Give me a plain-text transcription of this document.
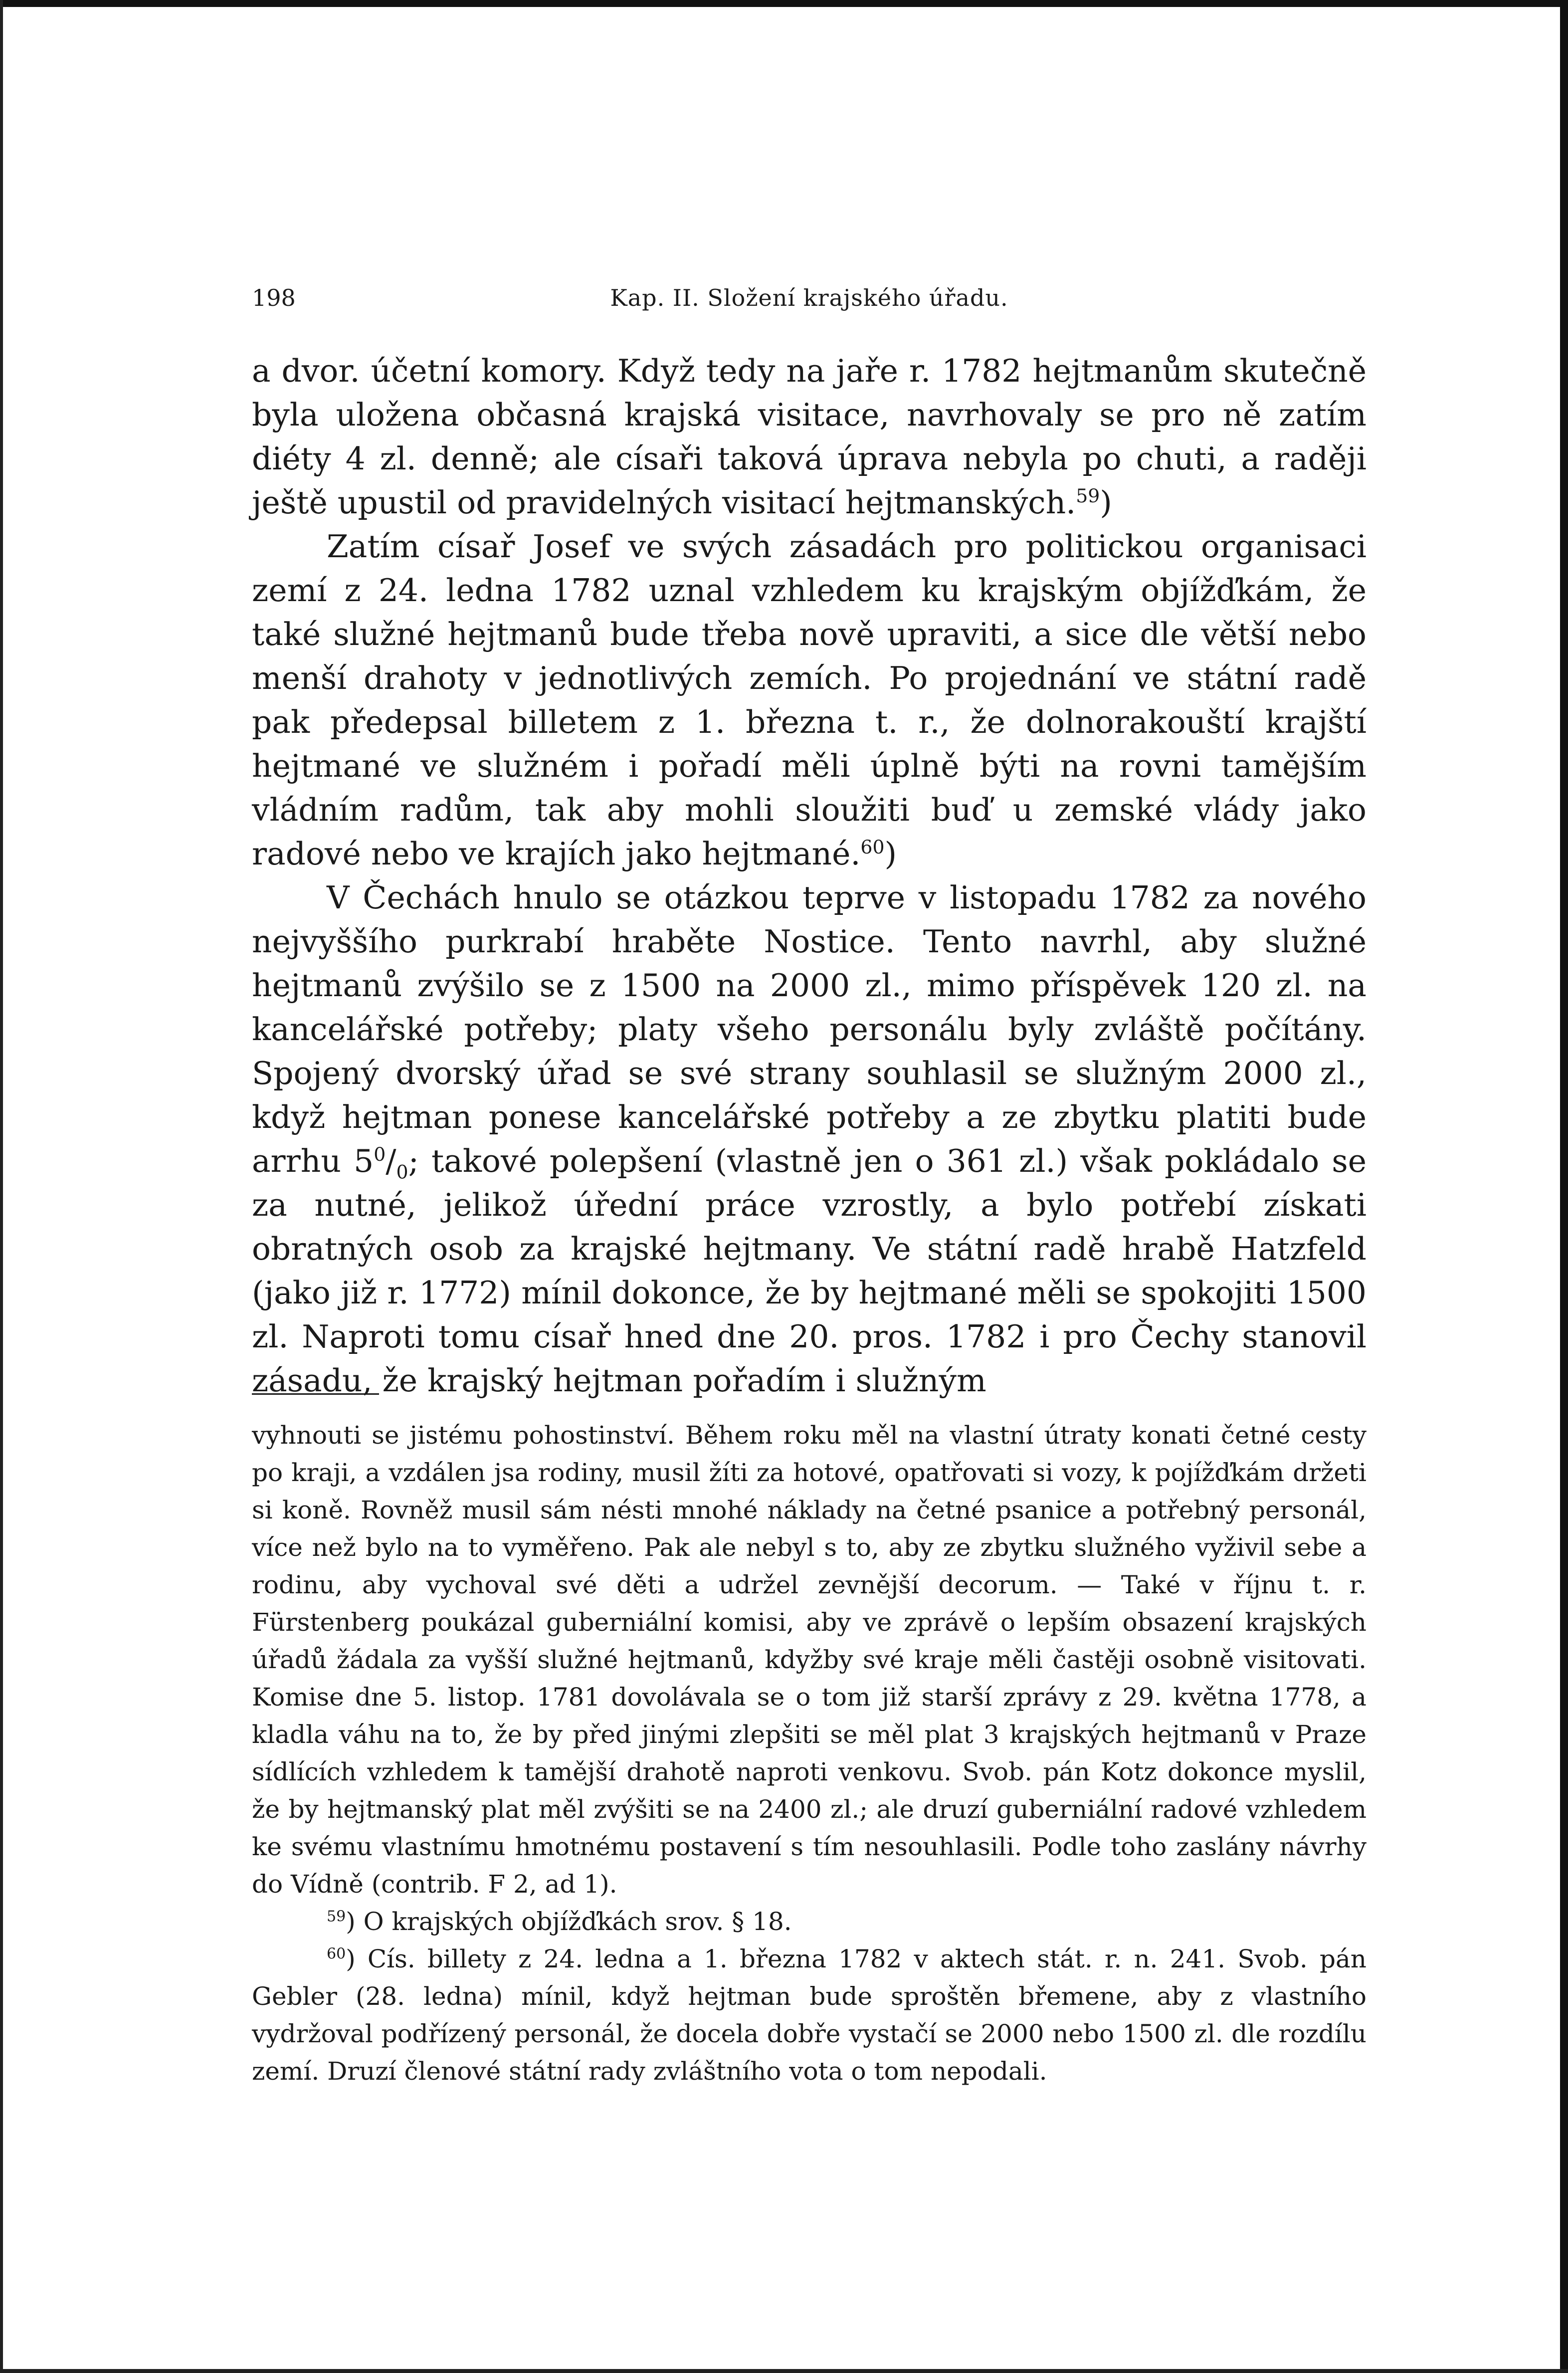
198	Kap. II. Složení krajského úřadu.

a dvor. účetní komory. Když tedy na jaře r. 1782 hejtmanům skutečně byla uložena občasná krajská visitace, navrhovaly se pro ně zatím diéty 4 zl. denně; ale císaři taková úprava nebyla po chuti, a raději ještě upustil od pravidelných visitací hejtmanských.$^{59}$)

Zatím císař Josef ve svých zásadách pro politickou organisaci zemí z 24. ledna 1782 uznal vzhledem ku krajským objížďkám, že také služné hejtmanů bude třeba nově upraviti, a sice dle větší nebo menší drahoty v jednotlivých zemích. Po projednání ve státní radě pak předepsal billetem z 1. března t. r., že dolnorakouští krajští hejtmané ve služném i pořadí měli úplně býti na rovni tamějším vládním radům, tak aby mohli sloužiti buď u zemské vlády jako radové nebo ve krajích jako hejtmané.$^{60}$)

V Čechách hnulo se otázkou teprve v listopadu 1782 za nového nejvyššího purkrabí hraběte Nostice. Tento navrhl, aby služné hejtmanů zvýšilo se z 1500 na 2000 zl., mimo příspěvek 120 zl. na kancelářské potřeby; platy všeho personálu byly zvláště počítány. Spojený dvorský úřad se své strany souhlasil se služným 2000 zl., když hejtman ponese kancelářské potřeby a ze zbytku platiti bude arrhu $5^0/_0$; takové polepšení (vlastně jen o 361 zl.) však pokládalo se za nutné, jelikož úřední práce vzrostly, a bylo potřebí získati obratných osob za krajské hejtmany. Ve státní radě hrabě Hatzfeld (jako již r. 1772) mínil dokonce, že by hejtmané měli se spokojiti 1500 zl. Naproti tomu císař hned dne 20. pros. 1782 i pro Čechy stanovil zásadu, že krajský hejtman pořadím i služným

vyhnouti se jistému pohostinství. Během roku měl na vlastní útraty konati četné cesty po kraji, a vzdálen jsa rodiny, musil žíti za hotové, opatřovati si vozy, k pojížďkám držeti si koně. Rovněž musil sám nésti mnohé náklady na četné psanice a potřebný personál, více než bylo na to vyměřeno. Pak ale nebyl s to, aby ze zbytku služného vyživil sebe a rodinu, aby vychoval své děti a udržel zevnější decorum. — Také v říjnu t. r. Fürstenberg poukázal guberniální komisi, aby ve zprávě o lepším obsazení krajských úřadů žádala za vyšší služné hejtmanů, kdyžby své kraje měli častěji osobně visitovati. Komise dne 5. listop. 1781 dovolávala se o tom již starší zprávy z 29. května 1778, a kladla váhu na to, že by před jinými zlepšiti se měl plat 3 krajských hejtmanů v Praze sídlících vzhledem k tamější drahotě naproti venkovu. Svob. pán Kotz dokonce myslil, že by hejtmanský plat měl zvýšiti se na 2400 zl.; ale druzí guberniální radové vzhledem ke svému vlastnímu hmotnému postavení s tím nesouhlasili. Podle toho zaslány návrhy do Vídně (contrib. F 2, ad 1).

$^{59}$) O krajských objížďkách srov. § 18.

$^{60}$) Cís. billety z 24. ledna a 1. března 1782 v aktech stát. r. n. 241. Svob. pán Gebler (28. ledna) mínil, když hejtman bude sproštěn břemene, aby z vlastního vydržoval podřízený personál, že docela dobře vystačí se 2000 nebo 1500 zl. dle rozdílu zemí. Druzí členové státní rady zvláštního vota o tom nepodali.
